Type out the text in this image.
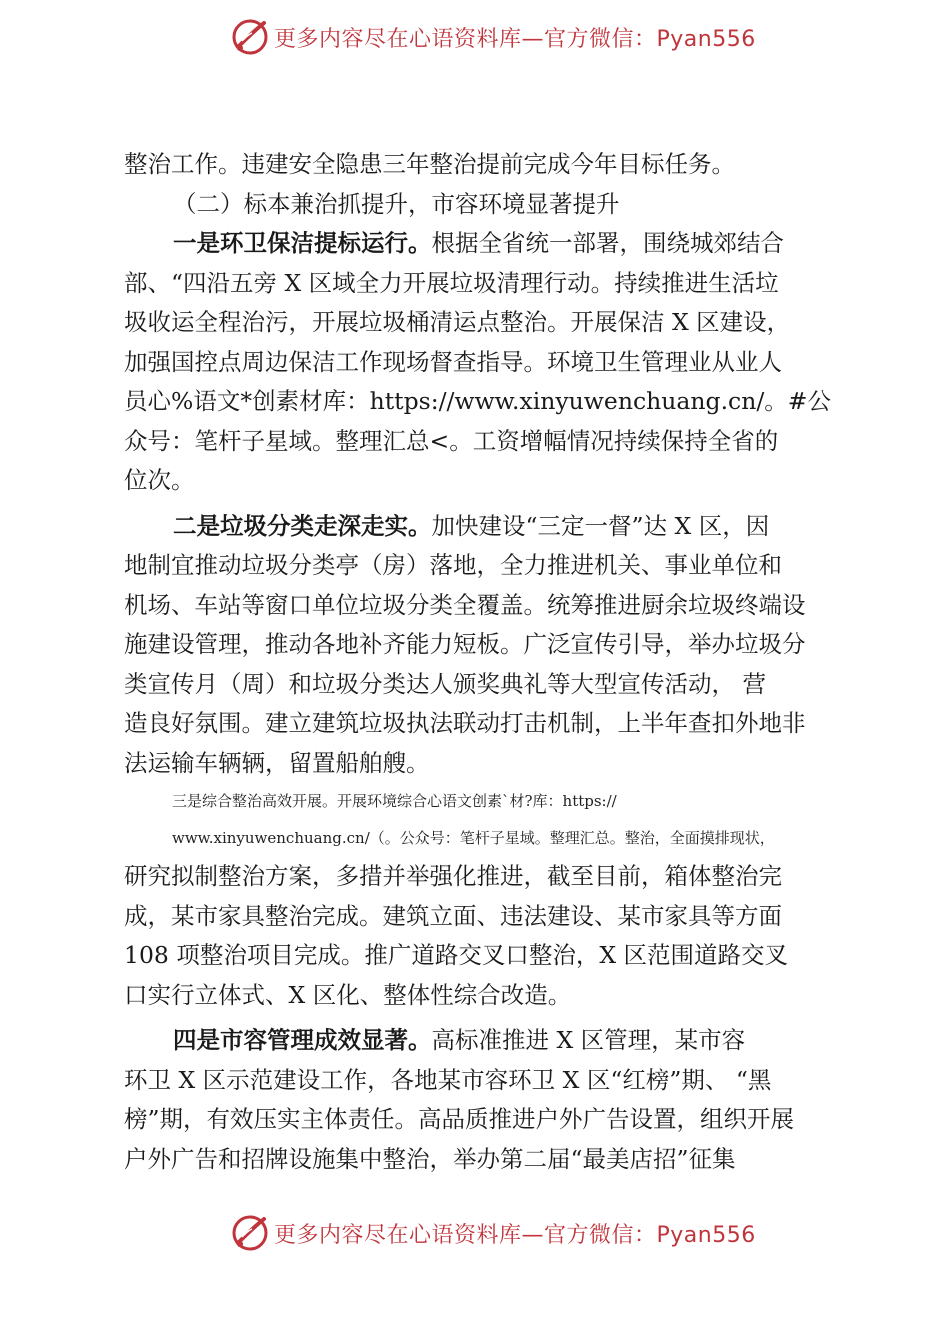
更多内容尽在心语资料库—官方微信：Pyan556
整治工作。违建安全隐患三年整治提前完成今年目标任务。
（二）标本兼治抓提升，市容环境显著提升
一是环卫保洁提标运行。根据全省统一部署，围绕城郊结合
部、“四沿五旁 X 区域全力开展垃圾清理行动。持续推进生活垃
圾收运全程治污，开展垃圾桶清运点整治。开展保洁 X 区建设，
加强国控点周边保洁工作现场督查指导。环境卫生管理业从业人
员心%语文*创素材库：https://www.xinyuwenchuang.cn/。#公
众号：笔杆子星域。整理汇总<。工资增幅情况持续保持全省的
位次。
二是垃圾分类走深走实。加快建设“三定一督”达 X 区，因
地制宜推动垃圾分类亭（房）落地，全力推进机关、事业单位和
机场、车站等窗口单位垃圾分类全覆盖。统筹推进厨余垃圾终端设
施建设管理，推动各地补齐能力短板。广泛宣传引导，举办垃圾分
类宣传月（周）和垃圾分类达人颁奖典礼等大型宣传活动， 营
造良好氛围。建立建筑垃圾执法联动打击机制，上半年查扣外地非
法运输车辆辆，留置船舶艘。
三是综合整治高效开展。开展环境综合心语文创素`材?库：https://
www.xinyuwenchuang.cn/（。公众号：笔杆子星域。整理汇总。整治，全面摸排现状，
研究拟制整治方案，多措并举强化推进，截至目前，箱体整治完
成，某市家具整治完成。建筑立面、违法建设、某市家具等方面
108 项整治项目完成。推广道路交叉口整治，X 区范围道路交叉
口实行立体式、X 区化、整体性综合改造。
四是市容管理成效显著。高标准推进 X 区管理，某市容
环卫 X 区示范建设工作，各地某市容环卫 X 区“红榜”期、 “黑
榜”期，有效压实主体责任。高品质推进户外广告设置，组织开展
户外广告和招牌设施集中整治，举办第二届“最美店招”征集
更多内容尽在心语资料库—官方微信：Pyan556
